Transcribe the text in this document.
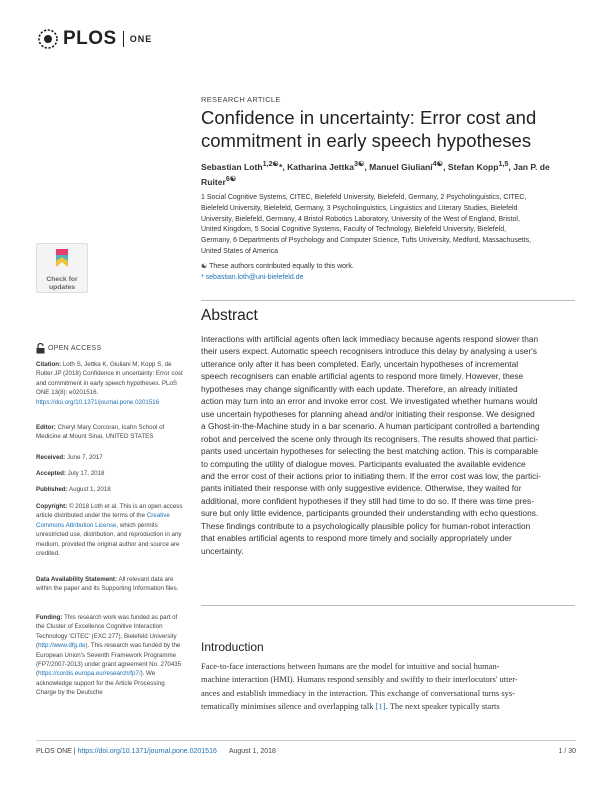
PLOS ONE
RESEARCH ARTICLE
Confidence in uncertainty: Error cost and
commitment in early speech hypotheses
Sebastian Loth$^{1,2☯}$*, Katharina Jettka$^{3☯}$, Manuel Giuliani$^{4☯}$, Stefan Kopp$^{1,5}$, Jan P. de
Ruiter$^{6☯}$
1 Social Cognitive Systems, CITEC, Bielefeld University, Bielefeld, Germany, 2 Psycholinguistics, CITEC,
Bielefeld University, Bielefeld, Germany, 3 Psycholinguistics, Linguistics and Literary Studies, Bielefeld
University, Bielefeld, Germany, 4 Bristol Robotics Laboratory, University of the West of England, Bristol,
United Kingdom, 5 Social Cognitive Systems, Faculty of Technology, Bielefeld University, Bielefeld,
Germany, 6 Departments of Psychology and Computer Science, Tufts University, Medford, Massachusetts,
United States of America
☯ These authors contributed equally to this work.
* sebastian.loth@uni-bielefeld.de
Abstract
Interactions with artificial agents often lack immediacy because agents respond slower than
their users expect. Automatic speech recognisers introduce this delay by analysing a user's
utterance only after it has been completed. Early, uncertain hypotheses of incremental
speech recognisers can enable artificial agents to respond more timely. However, these
hypotheses may change significantly with each update. Therefore, an already initiated
action may turn into an error and invoke error cost. We investigated whether humans would
use uncertain hypotheses for planning ahead and/or initiating their response. We designed
a Ghost-in-the-Machine study in a bar scenario. A human participant controlled a bartending
robot and perceived the scene only through its recognisers. The results showed that partici-
pants used uncertain hypotheses for selecting the best matching action. This is comparable
to computing the utility of dialogue moves. Participants evaluated the available evidence
and the error cost of their actions prior to initiating them. If the error cost was low, the partici-
pants initiated their response with only suggestive evidence. Otherwise, they waited for
additional, more confident hypotheses if they still had time to do so. If there was time pres-
sure but only little evidence, participants grounded their understanding with echo questions.
These findings contribute to a psychologically plausible policy for human-robot interaction
that enables artificial agents to respond more timely and socially appropriately under
uncertainty.
Introduction
Face-to-face interactions between humans are the model for intuitive and social human-
machine interaction (HMI). Humans respond sensibly and swiftly to their interlocutors' utter-
ances and establish immediacy in the interaction. This exchange of conversational turns sys-
tematically minimises silence and overlapping talk [1]. The next speaker typically starts
Check for updates
OPEN ACCESS
Citation: Loth S, Jettka K, Giuliani M, Kopp S, de Ruiter JP (2018) Confidence in uncertainty: Error cost and commitment in early speech hypotheses. PLoS ONE 13(8): e0201516. https://doi.org/10.1371/journal.pone.0201516
Editor: Cheryl Mary Corcoran, Icahn School of Medicine at Mount Sinai, UNITED STATES
Received: June 7, 2017
Accepted: July 17, 2018
Published: August 1, 2018
Copyright: © 2018 Loth et al. This is an open access article distributed under the terms of the Creative Commons Attribution License, which permits unrestricted use, distribution, and reproduction in any medium, provided the original author and source are credited.
Data Availability Statement: All relevant data are within the paper and its Supporting Information files.
Funding: This research work was funded as part of the Cluster of Excellence Cognitive Interaction Technology 'CITEC' (EXC 277), Bielefeld University (http://www.dfg.de). This research was funded by the European Union's Seventh Framework Programme (FP7/2007-2013) under grant agreement No. 270435 (https://cordis.europa.eu/research/fp7/). We acknowledge support for the Article Processing Charge by the Deutsche
PLOS ONE | https://doi.org/10.1371/journal.pone.0201516 August 1, 2018	1 / 30
